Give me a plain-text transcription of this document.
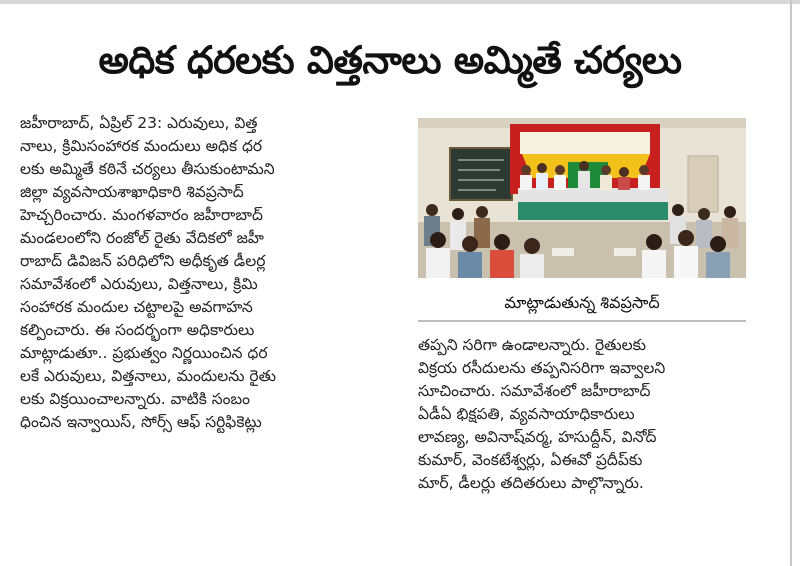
అధిక ధరలకు విత్తనాలు అమ్మితే చర్యలు
జహీరాబాద్, ఏప్రిల్ 23: ఎరువులు, విత్త
నాలు, క్రిమిసంహారక మందులు అధిక ధర
లకు అమ్మితే కఠినే చర్యలు తీసుకుంటామని
జిల్లా వ్యవసాయశాఖాధికారి శివప్రసాద్
హెచ్చరించారు. మంగళవారం జహీరాబాద్
మండలంలోని రంజోల్ రైతు వేదికలో జహీ
రాబాద్ డివిజన్ పరిధిలోని అధీకృత డీలర్ల
సమావేశంలో ఎరువులు, విత్తనాలు, క్రిమి
సంహారక మందుల చట్టాలపై అవగాహన
కల్పించారు. ఈ సందర్భంగా అధికారులు
మాట్లాడుతూ.. ప్రభుత్వం నిర్ణయించిన ధర
లకే ఎరువులు, విత్తనాలు, మందులను రైతు
లకు విక్రయించాలన్నారు. వాటికి సంబం
ధించిన ఇన్వాయిస్, సోర్స్ ఆఫ్ సర్టిఫికెట్లు
మాట్లాడుతున్న శివప్రసాద్
తప్పని సరిగా ఉండాలన్నారు. రైతులకు
విక్రయ రసీదులను తప్పనిసరిగా ఇవ్వాలని
సూచించారు. సమావేశంలో జహీరాబాద్
ఏడీఏ భిక్షపతి, వ్యవసాయాధికారులు
లావణ్య, అవినాష్‌వర్మ, హసుద్దీన్, వినోద్
కుమార్, వెంకటేశ్వర్లు, ఏఈవో ప్రదీప్‌కు
మార్, డీలర్లు తదితరులు పాల్గొన్నారు.
